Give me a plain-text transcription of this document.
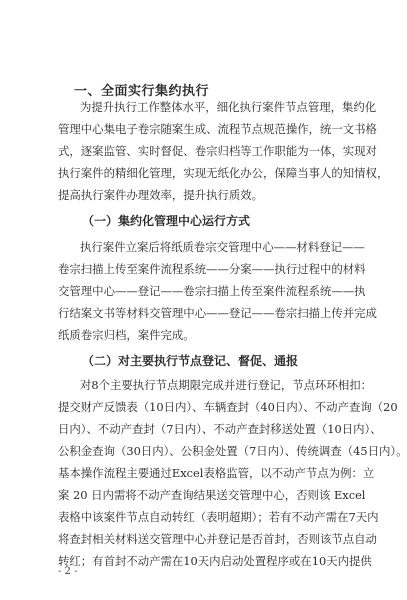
一、全面实行集约执行
为提升执行工作整体水平，细化执行案件节点管理，集约化
管理中心集电子卷宗随案生成、流程节点规范操作，统一文书格
式，逐案监管、实时督促、卷宗归档等工作职能为一体，实现对
执行案件的精细化管理，实现无纸化办公，保障当事人的知情权，
提高执行案件办理效率，提升执行质效。
（一）集约化管理中心运行方式
执行案件立案后将纸质卷宗交管理中心——材料登记——
卷宗扫描上传至案件流程系统——分案——执行过程中的材料
交管理中心——登记——卷宗扫描上传至案件流程系统——执
行结案文书等材料交管理中心——登记——卷宗扫描上传并完成
纸质卷宗归档，案件完成。
（二）对主要执行节点登记、督促、通报
对8个主要执行节点期限完成并进行登记，节点环环相扣：
提交财产反馈表（10日内）、车辆查封（40日内）、不动产查询（20
日内）、不动产查封（7日内）、不动产查封移送处置（10日内）、
公积金查询（30日内）、公积金处置（7日内）、传统调查（45日内）。
基本操作流程主要通过Excel表格监管，以不动产节点为例：立
案 20 日内需将不动产查询结果送交管理中心，否则该 Excel
表格中该案件节点自动转红（表明超期）；若有不动产需在7天内
将查封相关材料送交管理中心并登记是否首封，否则该节点自动
转红；有首封不动产需在10天内启动处置程序或在10天内提供
- 2 -
